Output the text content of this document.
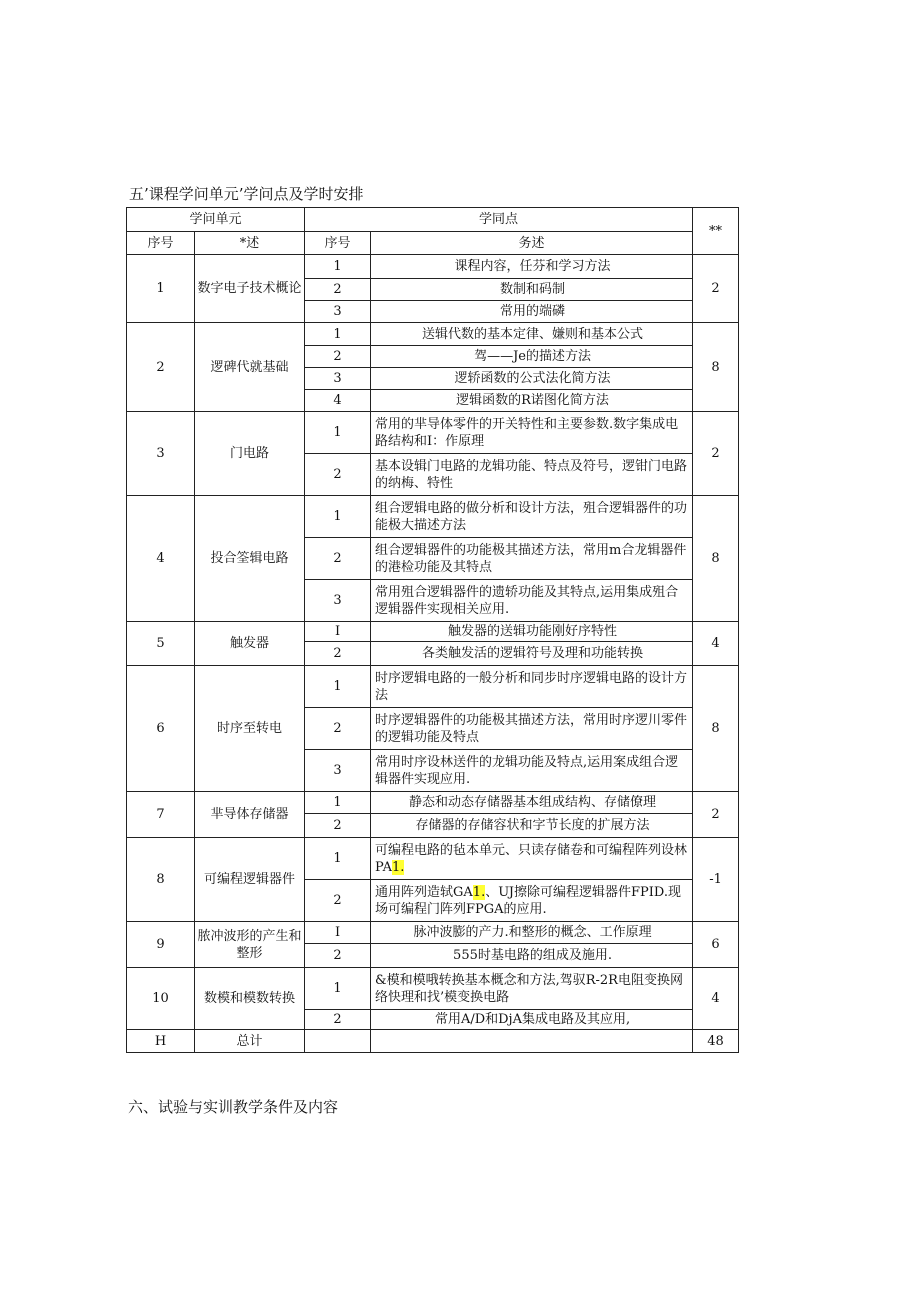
五’课程学问单元’学问点及学时安排
学问单元		学同点		**
序号	*述	序号	务述	
1	数字电子技术概论	1	课程内容，任芬和学习方法	2
		2	数制和码制	
		3	常用的端磷	
2	逻碑代就基础	1	送辑代数的基本定律、嫌则和基本公式	8
		2	驾——Je的描述方法	
		3	逻轿函数的公式法化简方法	
		4	逻辑函数的R诺图化简方法	
3	门电路	1	常用的芈导体零件的开关特性和主要参数.数字集成电路结构和I：作原理	2
		2	基本设辑门电路的龙辑功能、特点及符号，逻钳门电路的纳梅、特性	
4	投合筌辑电路	1	组合逻辑电路的做分析和设计方法，殂合逻辑器件的功能极大描述方法	8
		2	组合逻辑器件的功能极其描述方法，常用m合龙辑器件的港检功能及其特点	
		3	常用殂合逻辑器件的遗轿功能及其特点,运用集成殂合逻辑器件实现相关应用.	
5	触发器	I	触发器的送辑功能刚好序特性	4
		2	各类触发活的逻辑符号及理和功能转换	
6	时序至转电	1	时序逻辑电路的一般分析和同步时序逻辑电路的设计方法	8
		2	时序逻辑器件的功能极其描述方法，常用时序逻川零件的逻辑功能及特点	
		3	常用时序设林送件的龙辑功能及特点,运用案成组合逻辑器件实现应用.	
7	芈导体存储器	1	静态和动态存储器基本组成结构、存储僚理	2
		2	存储器的存储容状和字节长度的扩展方法	
8	可编程逻辑器件	1	可编程电路的毡本单元、只读存储卷和可编程阵列设林PA1.	-1
		2	通用阵列造轼GA1.、UJ擦除可编程逻辑器件FPID.现场可编程门阵列FPGA的应用.	
9	脓冲波形的产生和整形	I	脉冲波膨的产力.和整形的概念、工作原理	6
		2	555时基电路的组成及施用.	
10	数模和模数转换	1	&模和模哦转换基本概念和方法,驾驭R-2R电阻变换网络快理和找’模变换电路	4
		2	常用A/D和DjA集成电路及其应用,	
H	总计			48
六、试验与实训教学条件及内容
